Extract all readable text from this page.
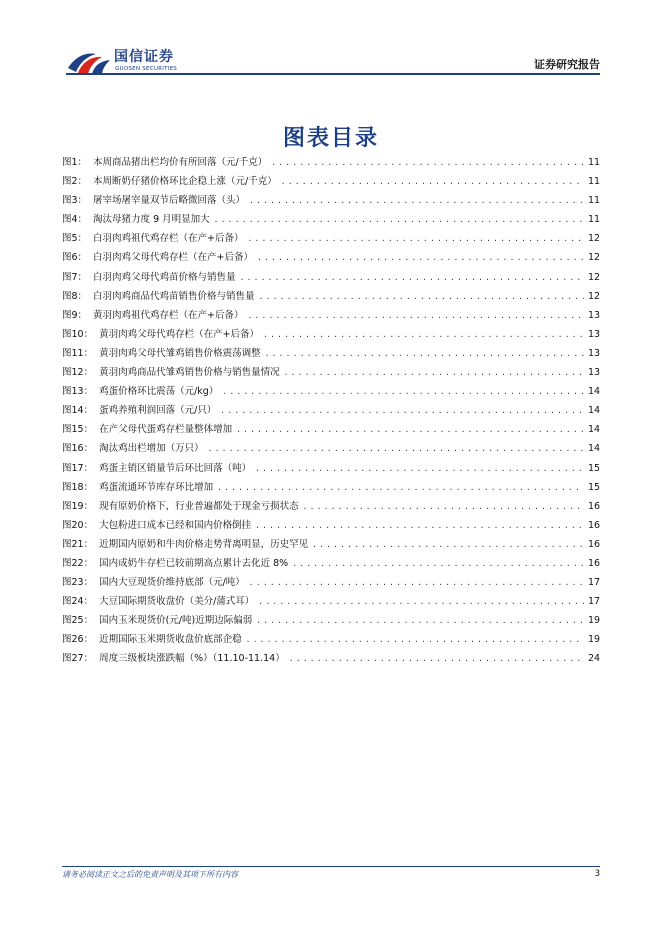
国信证券
GUOSEN SECURITIES	证券研究报告
图表目录
图1： 本周商品猪出栏均价有所回落（元/千克） .....	11
图2： 本周断奶仔猪价格环比企稳上涨（元/千克） .....	11
图3： 屠宰场屠宰量双节后略微回落（头） .....	11
图4： 淘汰母猪力度 9 月明显加大 .....	11
图5： 白羽肉鸡祖代鸡存栏（在产+后备） .....	12
图6： 白羽肉鸡父母代鸡存栏（在产+后备） .....	12
图7： 白羽肉鸡父母代鸡苗价格与销售量 .....	12
图8： 白羽肉鸡商品代鸡苗销售价格与销售量 .....	12
图9： 黄羽肉鸡祖代鸡存栏（在产+后备） .....	13
图10： 黄羽肉鸡父母代鸡存栏（在产+后备） .....	13
图11： 黄羽肉鸡父母代雏鸡销售价格震荡调整 .....	13
图12： 黄羽肉鸡商品代雏鸡销售价格与销售量情况 .....	13
图13： 鸡蛋价格环比震荡（元/kg） .....	14
图14： 蛋鸡养殖利润回落（元/只） .....	14
图15： 在产父母代蛋鸡存栏量整体增加 .....	14
图16： 淘汰鸡出栏增加（万只） .....	14
图17： 鸡蛋主销区销量节后环比回落（吨） .....	15
图18： 鸡蛋流通环节库存环比增加 .....	15
图19： 现有原奶价格下，行业普遍都处于现金亏损状态 .....	16
图20： 大包粉进口成本已经和国内价格倒挂 .....	16
图21： 近期国内原奶和牛肉价格走势背离明显，历史罕见 .....	16
图22： 国内成奶牛存栏已较前期高点累计去化近 8% .....	16
图23： 国内大豆现货价维持底部（元/吨） .....	17
图24： 大豆国际期货收盘价（美分/蒲式耳） .....	17
图25： 国内玉米现货价(元/吨)近期边际偏弱 .....	19
图26： 近期国际玉米期货收盘价底部企稳 .....	19
图27： 周度三级板块涨跌幅（%）（11.10-11.14） .....	24
请务必阅读正文之后的免责声明及其项下所有内容	3
